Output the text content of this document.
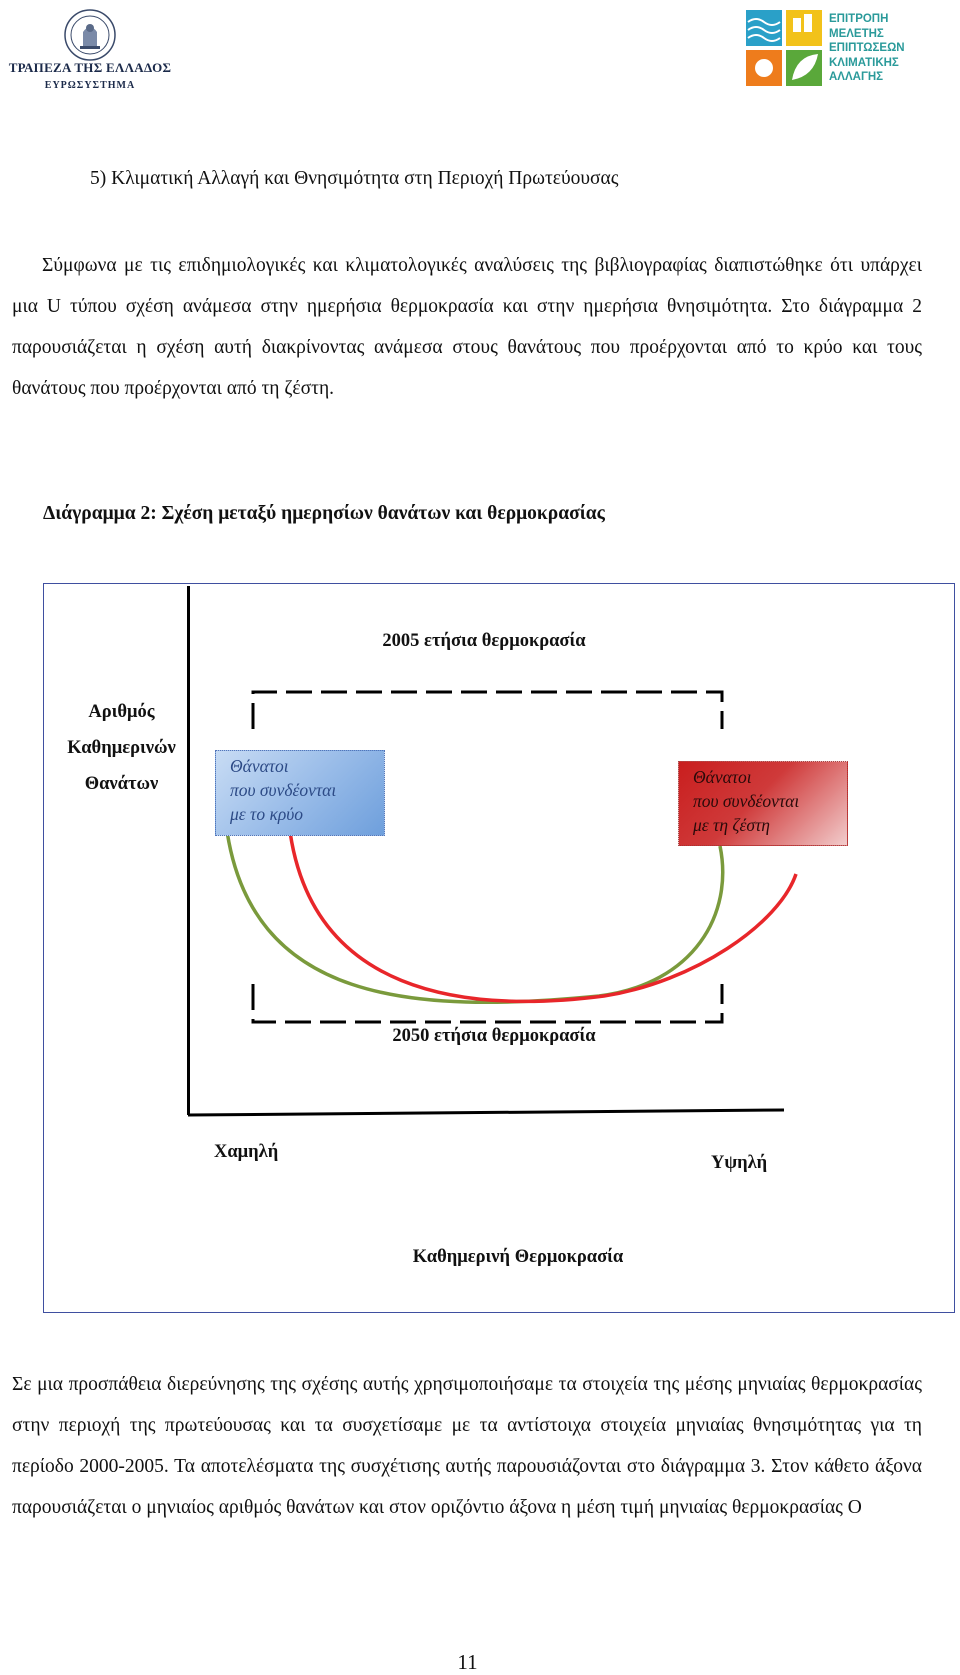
ΤΡΑΠΕΖΑ ΤΗΣ ΕΛΛΑΔΟΣ
ΕΥΡΩΣΥΣΤΗΜΑ
ΕΠΙΤΡΟΠΗ
ΜΕΛΕΤΗΣ
ΕΠΙΠΤΩΣΕΩΝ
ΚΛΙΜΑΤΙΚΗΣ
ΑΛΛΑΓΗΣ
5) Κλιματική Αλλαγή και Θνησιμότητα στη Περιοχή Πρωτεύουσας

Σύμφωνα με τις επιδημιολογικές και κλιματολογικές αναλύσεις της βιβλιογραφίας διαπιστώθηκε ότι υπάρχει μια U τύπου σχέση ανάμεσα στην ημερήσια θερμοκρασία και στην ημερήσια θνησιμότητα. Στο διάγραμμα 2 παρουσιάζεται η σχέση αυτή διακρίνοντας ανάμεσα στους θανάτους που προέρχονται από το κρύο και τους θανάτους που προέρχονται από τη ζέστη.

Διάγραμμα 2: Σχέση μεταξύ ημερησίων θανάτων και θερμοκρασίας
2005 ετήσια θερμοκρασία
Αριθμός
Καθημερινών
Θανάτων
Θάνατοι
που συνδέονται
με το κρύο
Θάνατοι
που συνδέονται
με τη ζέστη
2050 ετήσια θερμοκρασία
Χαμηλή
Υψηλή
Καθημερινή Θερμοκρασία

Σε μια προσπάθεια διερεύνησης της σχέσης αυτής χρησιμοποιήσαμε τα στοιχεία της μέσης μηνιαίας θερμοκρασίας στην περιοχή της πρωτεύουσας και τα συσχετίσαμε με τα αντίστοιχα στοιχεία μηνιαίας θνησιμότητας για τη περίοδο 2000-2005. Τα αποτελέσματα της συσχέτισης αυτής παρουσιάζονται στο διάγραμμα 3. Στον κάθετο άξονα παρουσιάζεται ο μηνιαίος αριθμός θανάτων και στον οριζόντιο άξονα η μέση τιμή μηνιαίας θερμοκρασίας Ο

11
